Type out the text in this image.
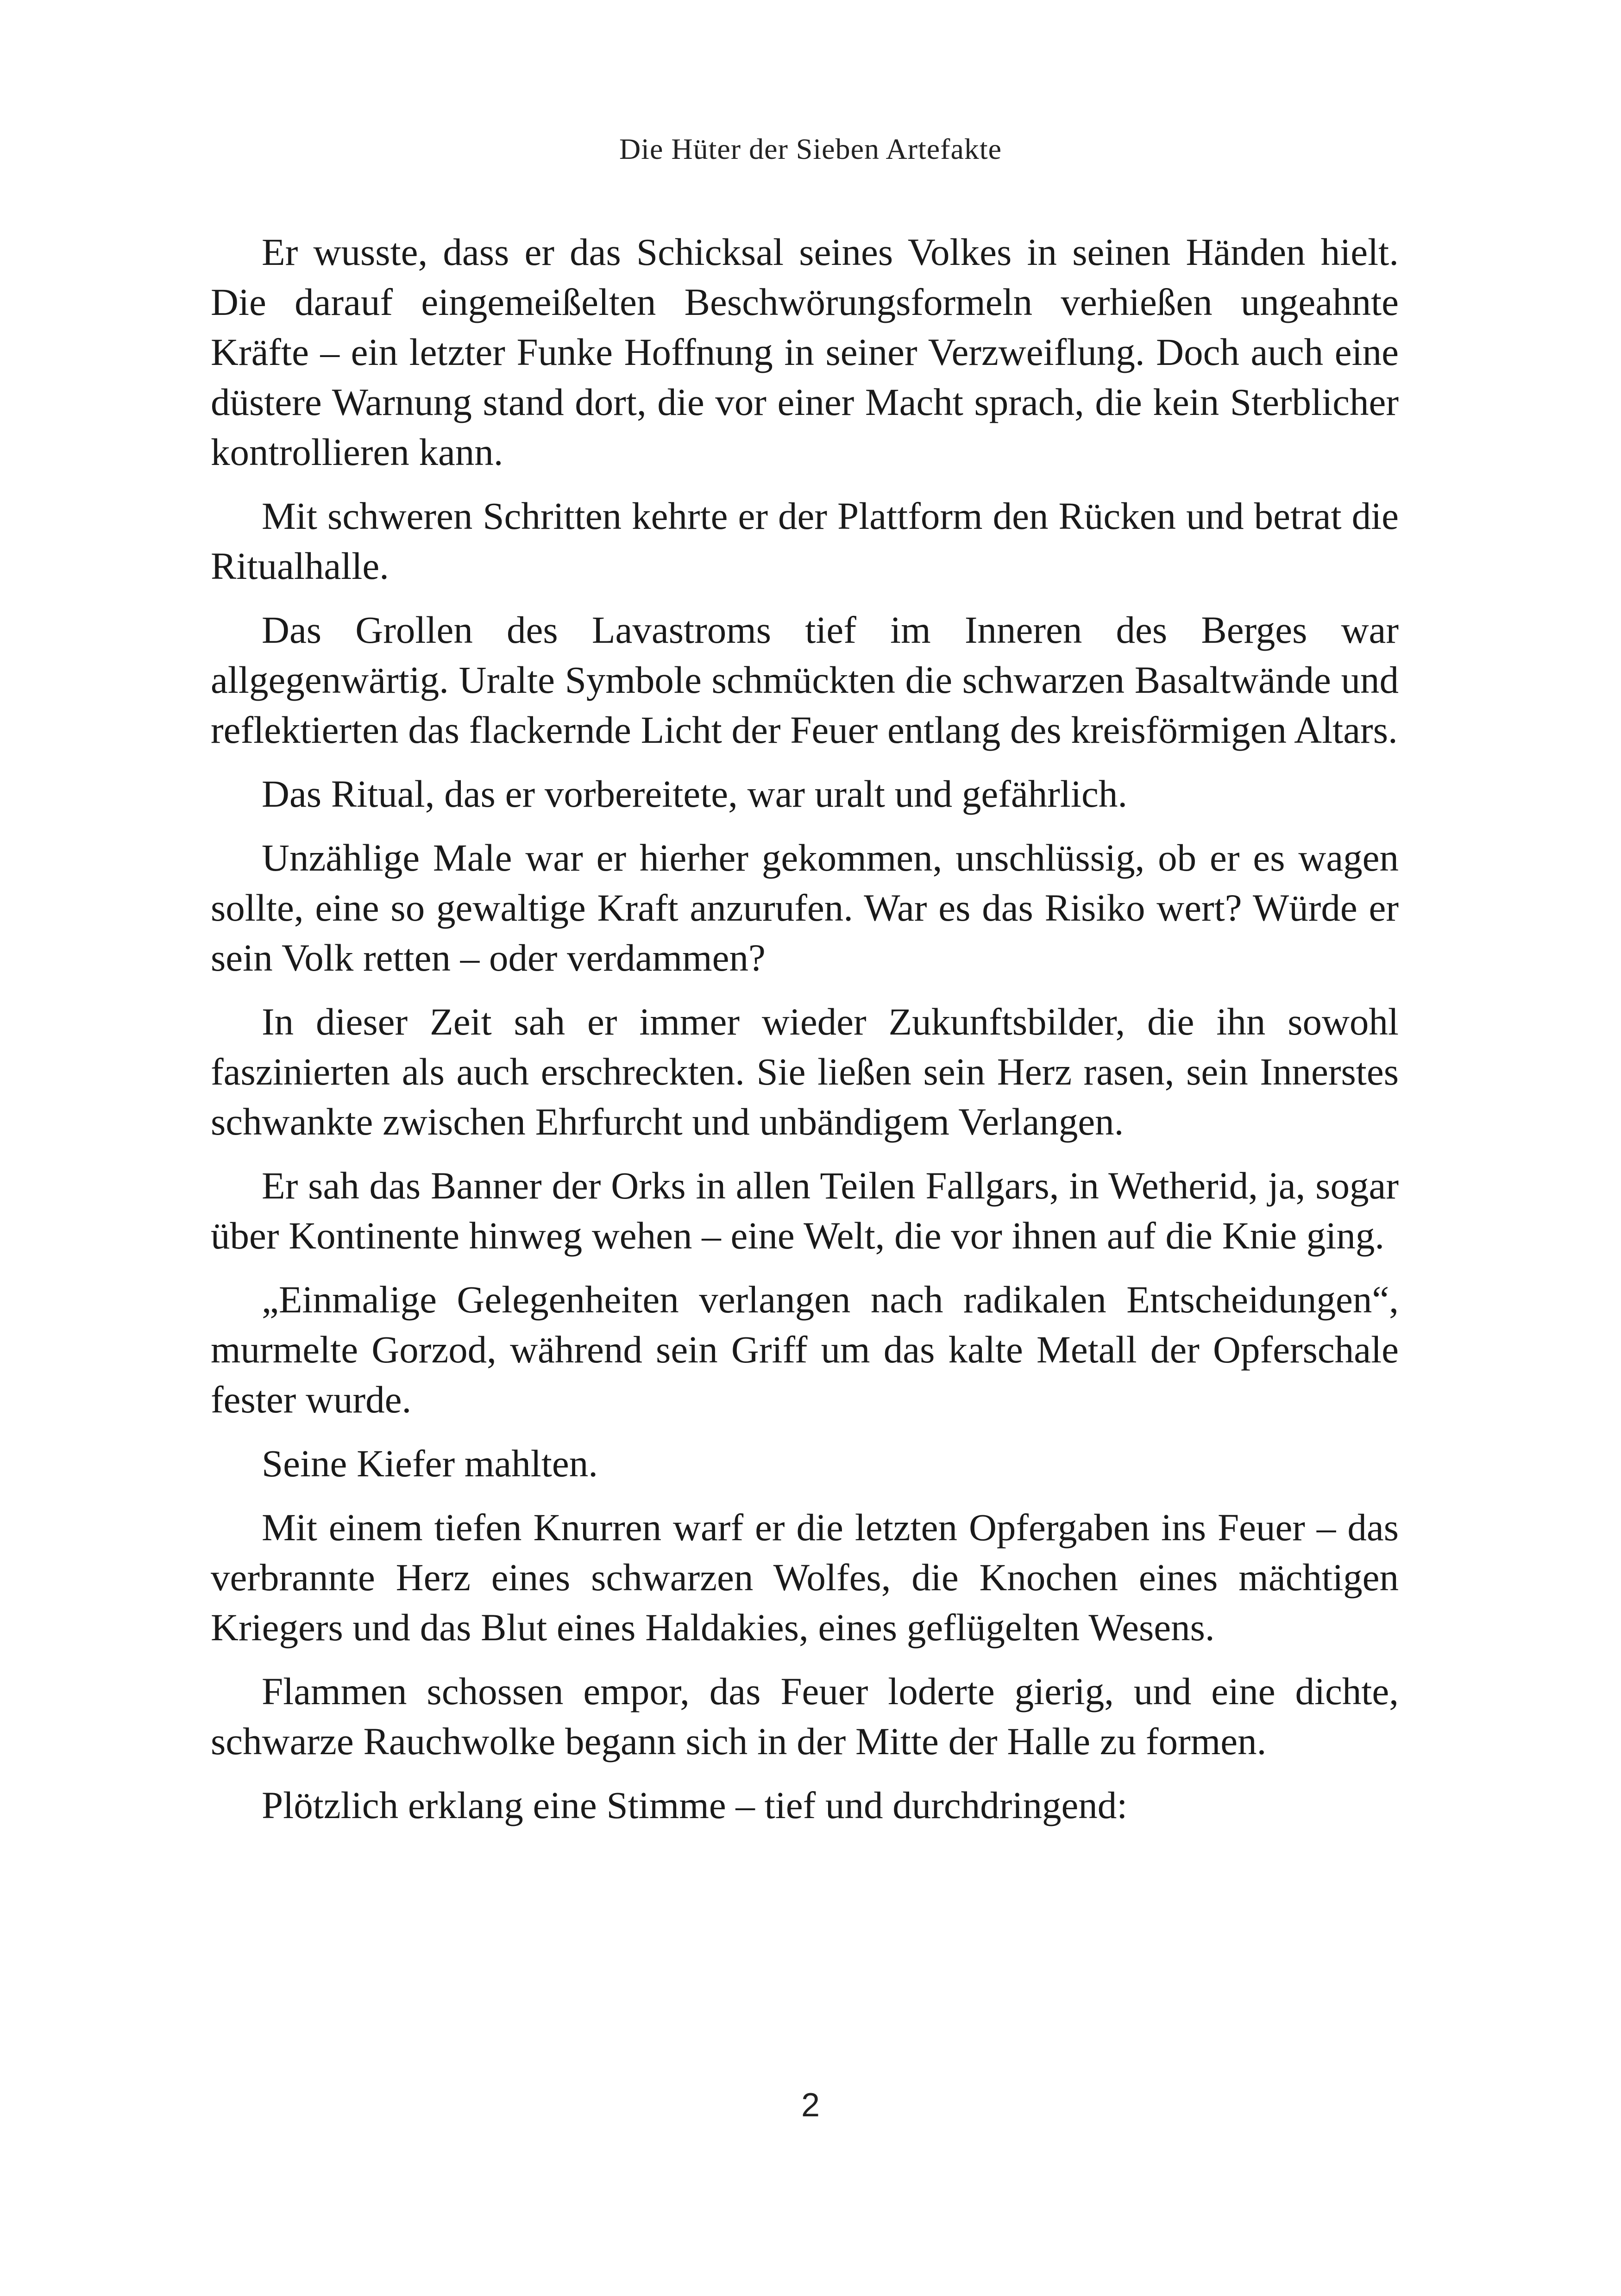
Die Hüter der Sieben Artefakte

Er wusste, dass er das Schicksal seines Volkes in seinen Händen hielt. Die darauf eingemeißelten Beschwörungsformeln verhießen ungeahnte Kräfte – ein letzter Funke Hoffnung in seiner Verzweiflung. Doch auch eine düstere Warnung stand dort, die vor einer Macht sprach, die kein Sterblicher kontrollieren kann.

Mit schweren Schritten kehrte er der Plattform den Rücken und betrat die Ritualhalle.

Das Grollen des Lavastroms tief im Inneren des Berges war allgegenwärtig. Uralte Symbole schmückten die schwarzen Basaltwände und reflektierten das flackernde Licht der Feuer entlang des kreisförmigen Altars.

Das Ritual, das er vorbereitete, war uralt und gefährlich.

Unzählige Male war er hierher gekommen, unschlüssig, ob er es wagen sollte, eine so gewaltige Kraft anzurufen. War es das Risiko wert? Würde er sein Volk retten – oder verdammen?

In dieser Zeit sah er immer wieder Zukunftsbilder, die ihn sowohl faszinierten als auch erschreckten. Sie ließen sein Herz rasen, sein Innerstes schwankte zwischen Ehrfurcht und unbändigem Verlangen.

Er sah das Banner der Orks in allen Teilen Fallgars, in Wetherid, ja, sogar über Kontinente hinweg wehen – eine Welt, die vor ihnen auf die Knie ging.

„Einmalige Gelegenheiten verlangen nach radikalen Entscheidungen“, murmelte Gorzod, während sein Griff um das kalte Metall der Opferschale fester wurde.

Seine Kiefer mahlten.

Mit einem tiefen Knurren warf er die letzten Opfergaben ins Feuer – das verbrannte Herz eines schwarzen Wolfes, die Knochen eines mächtigen Kriegers und das Blut eines Haldakies, eines geflügelten Wesens.

Flammen schossen empor, das Feuer loderte gierig, und eine dichte, schwarze Rauchwolke begann sich in der Mitte der Halle zu formen.

Plötzlich erklang eine Stimme – tief und durchdringend:

2
